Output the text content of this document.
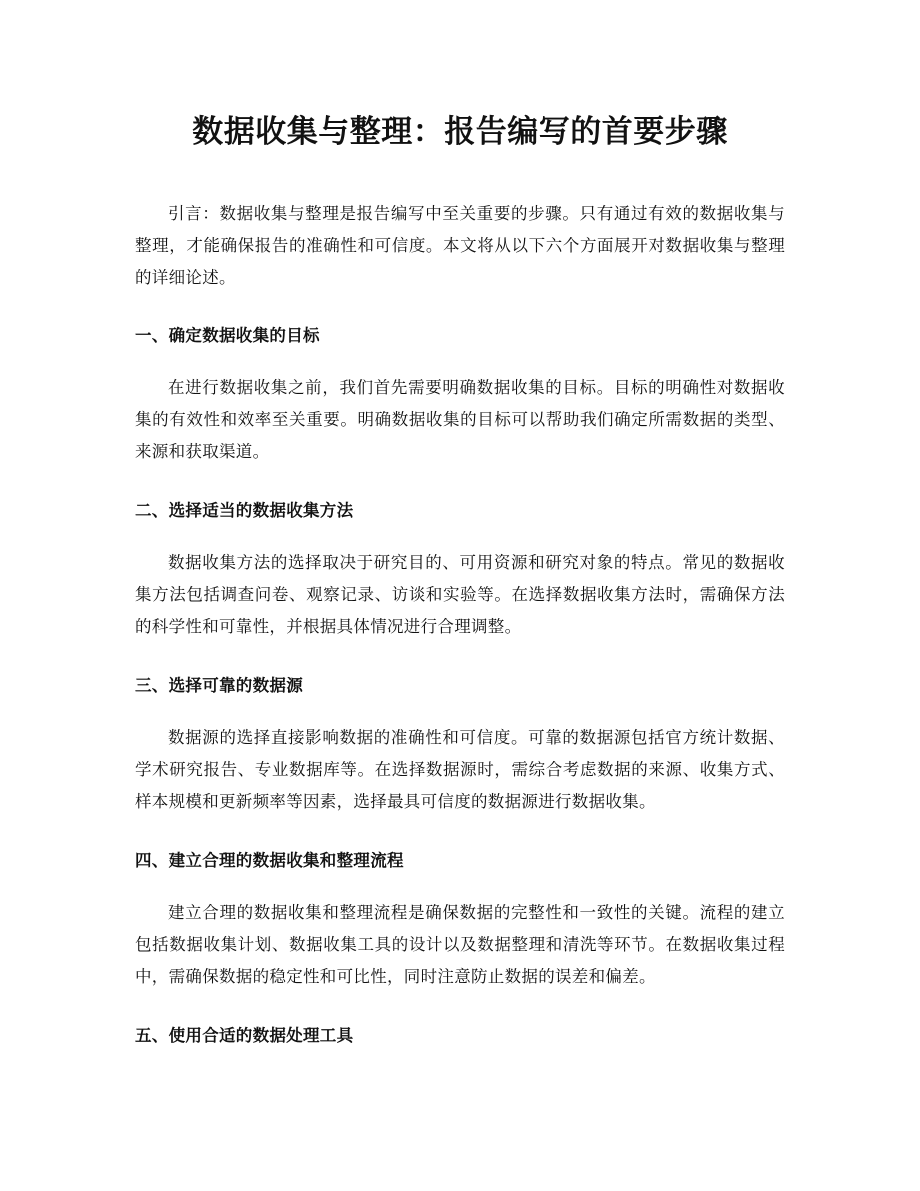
数据收集与整理：报告编写的首要步骤

引言：数据收集与整理是报告编写中至关重要的步骤。只有通过有效的数据收集与整理，才能确保报告的准确性和可信度。本文将从以下六个方面展开对数据收集与整理的详细论述。

一、确定数据收集的目标

在进行数据收集之前，我们首先需要明确数据收集的目标。目标的明确性对数据收集的有效性和效率至关重要。明确数据收集的目标可以帮助我们确定所需数据的类型、来源和获取渠道。

二、选择适当的数据收集方法

数据收集方法的选择取决于研究目的、可用资源和研究对象的特点。常见的数据收集方法包括调查问卷、观察记录、访谈和实验等。在选择数据收集方法时，需确保方法的科学性和可靠性，并根据具体情况进行合理调整。

三、选择可靠的数据源

数据源的选择直接影响数据的准确性和可信度。可靠的数据源包括官方统计数据、学术研究报告、专业数据库等。在选择数据源时，需综合考虑数据的来源、收集方式、样本规模和更新频率等因素，选择最具可信度的数据源进行数据收集。

四、建立合理的数据收集和整理流程

建立合理的数据收集和整理流程是确保数据的完整性和一致性的关键。流程的建立包括数据收集计划、数据收集工具的设计以及数据整理和清洗等环节。在数据收集过程中，需确保数据的稳定性和可比性，同时注意防止数据的误差和偏差。

五、使用合适的数据处理工具
